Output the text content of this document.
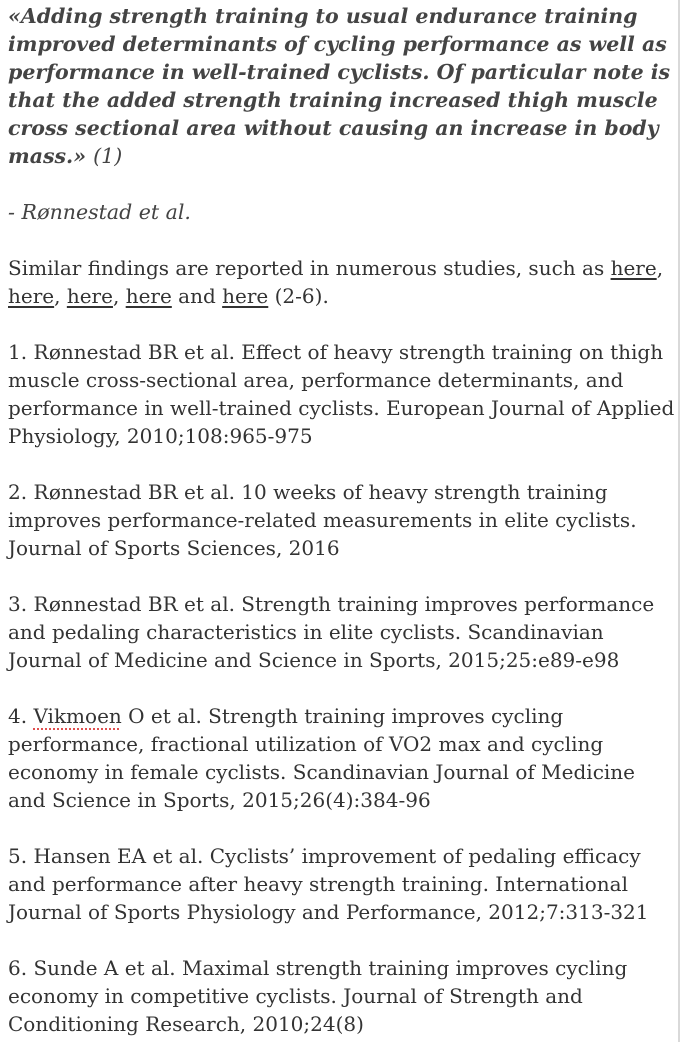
«Adding strength training to usual endurance training improved determinants of cycling performance as well as performance in well-trained cyclists. Of particular note is that the added strength training increased thigh muscle cross sectional area without causing an increase in body mass.» (1)

- Rønnestad et al.

Similar findings are reported in numerous studies, such as here, here, here, here and here (2-6).

1. Rønnestad BR et al. Effect of heavy strength training on thigh muscle cross-sectional area, performance determinants, and performance in well-trained cyclists. European Journal of Applied Physiology, 2010;108:965-975

2. Rønnestad BR et al. 10 weeks of heavy strength training improves performance-related measurements in elite cyclists. Journal of Sports Sciences, 2016

3. Rønnestad BR et al. Strength training improves performance and pedaling characteristics in elite cyclists. Scandinavian Journal of Medicine and Science in Sports, 2015;25:e89-e98

4. Vikmoen O et al. Strength training improves cycling performance, fractional utilization of VO2 max and cycling economy in female cyclists. Scandinavian Journal of Medicine and Science in Sports, 2015;26(4):384-96

5. Hansen EA et al. Cyclists’ improvement of pedaling efficacy and performance after heavy strength training. International Journal of Sports Physiology and Performance, 2012;7:313-321

6. Sunde A et al. Maximal strength training improves cycling economy in competitive cyclists. Journal of Strength and Conditioning Research, 2010;24(8)
